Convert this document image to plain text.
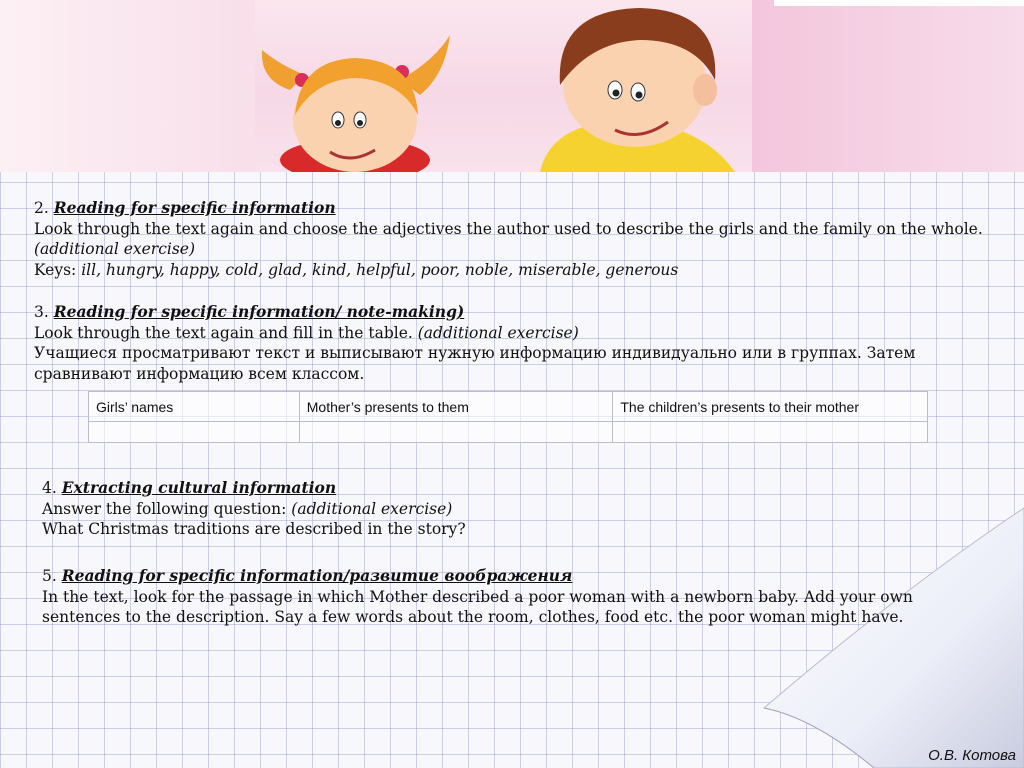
2. Reading for specific information
Look through the text again and choose the adjectives the author used to describe the girls and the family on the whole. (additional exercise)
Keys: ill, hungry, happy, cold, glad, kind, helpful, poor, noble, miserable, generous
3. Reading for specific information/ note-making)
Look through the text again and fill in the table. (additional exercise)
Учащиеся просматривают текст и выписывают нужную информацию индивидуально или в группах. Затем сравнивают информацию всем классом.
Girls’ names	Mother’s presents to them	The children’s presents to their mother

4. Extracting cultural information
Answer the following question: (additional exercise)
What Christmas traditions are described in the story?
5. Reading for specific information/развитие воображения
In the text, look for the passage in which Mother described a poor woman with a newborn baby. Add your own sentences to the description. Say a few words about the room, clothes, food etc. the poor woman might have.
О.В. Котова
